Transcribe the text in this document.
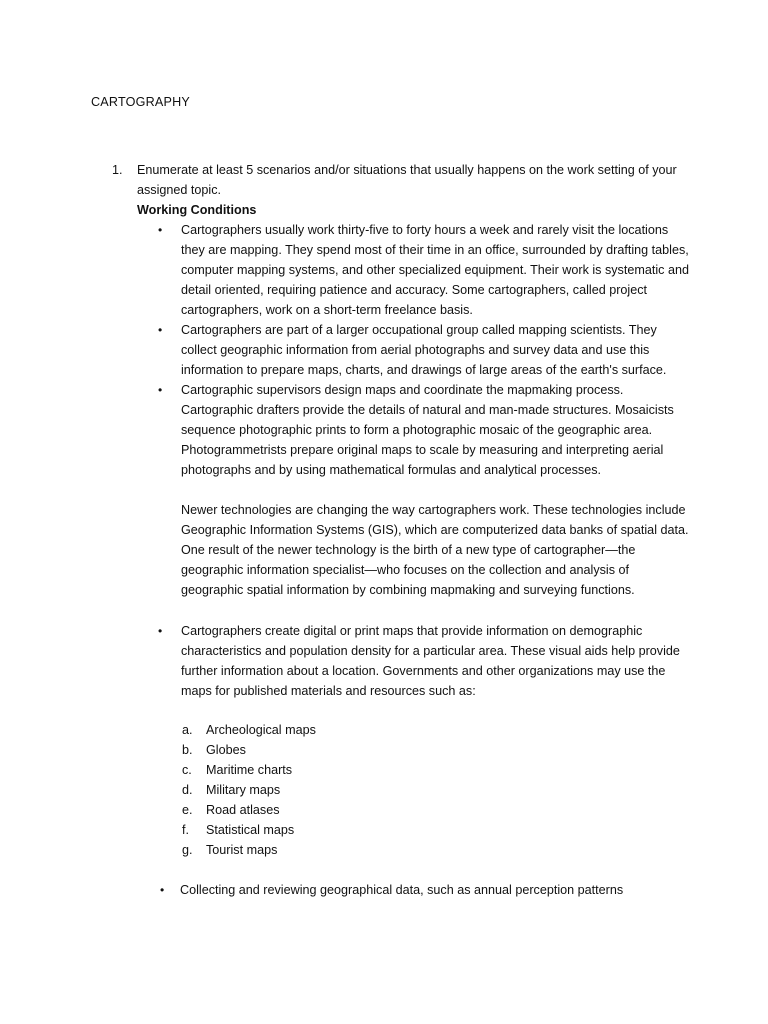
CARTOGRAPHY
1. Enumerate at least 5 scenarios and/or situations that usually happens on the work setting of your assigned topic.
Working Conditions
•	Cartographers usually work thirty-five to forty hours a week and rarely visit the locations they are mapping. They spend most of their time in an office, surrounded by drafting tables, computer mapping systems, and other specialized equipment. Their work is systematic and detail oriented, requiring patience and accuracy. Some cartographers, called project cartographers, work on a short-term freelance basis.
•	Cartographers are part of a larger occupational group called mapping scientists. They collect geographic information from aerial photographs and survey data and use this information to prepare maps, charts, and drawings of large areas of the earth's surface.
•	Cartographic supervisors design maps and coordinate the mapmaking process. Cartographic drafters provide the details of natural and man-made structures. Mosaicists sequence photographic prints to form a photographic mosaic of the geographic area. Photogrammetrists prepare original maps to scale by measuring and interpreting aerial photographs and by using mathematical formulas and analytical processes.
Newer technologies are changing the way cartographers work. These technologies include Geographic Information Systems (GIS), which are computerized data banks of spatial data. One result of the newer technology is the birth of a new type of cartographer—the geographic information specialist—who focuses on the collection and analysis of geographic spatial information by combining mapmaking and surveying functions.
•	Cartographers create digital or print maps that provide information on demographic characteristics and population density for a particular area. These visual aids help provide further information about a location. Governments and other organizations may use the maps for published materials and resources such as:
a. Archeological maps
b. Globes
c. Maritime charts
d. Military maps
e. Road atlases
f. Statistical maps
g. Tourist maps
•	Collecting and reviewing geographical data, such as annual perception patterns
